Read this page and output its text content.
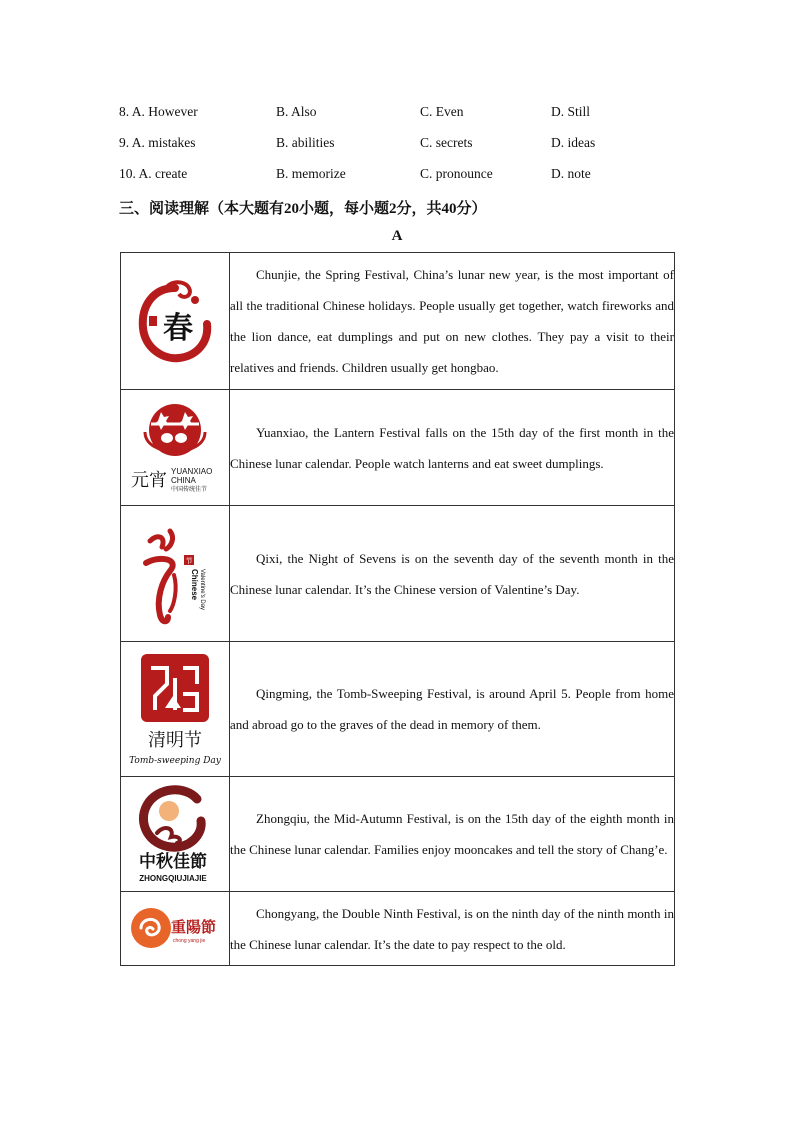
8. A. However	B. Also	C. Even	D. Still
9. A. mistakes	B. abilities	C. secrets	D. ideas
10. A. create	B. memorize	C. pronounce	D. note
三、阅读理解（本大题有20小题，每小题2分，共40分）
A
春	Chunjie, the Spring Festival, China’s lunar new year, is the most important of all the traditional Chinese holidays. People usually get together, watch fireworks and the lion dance, eat dumplings and put on new clothes. They pay a visit to their relatives and friends. Children usually get hongbao.

元宵 YUANXIAO
CHINA
中国传统佳节	Yuanxiao, the Lantern Festival falls on the 15th day of the first month in the Chinese lunar calendar. People watch lanterns and eat sweet dumplings.

节
Chinese Valentine's Day	Qixi, the Night of Sevens is on the seventh day of the seventh month in the Chinese lunar calendar. It’s the Chinese version of Valentine’s Day.

清明节
Tomb-sweeping Day	Qingming, the Tomb-Sweeping Festival, is around April 5. People from home and abroad go to the graves of the dead in memory of them.

中秋佳節
ZHONGQIUJIAJIE	Zhongqiu, the Mid-Autumn Festival, is on the 15th day of the eighth month in the Chinese lunar calendar. Families enjoy mooncakes and tell the story of Chang’e.

重陽節
chong yang jie	Chongyang, the Double Ninth Festival, is on the ninth day of the ninth month in the Chinese lunar calendar. It’s the date to pay respect to the old.
